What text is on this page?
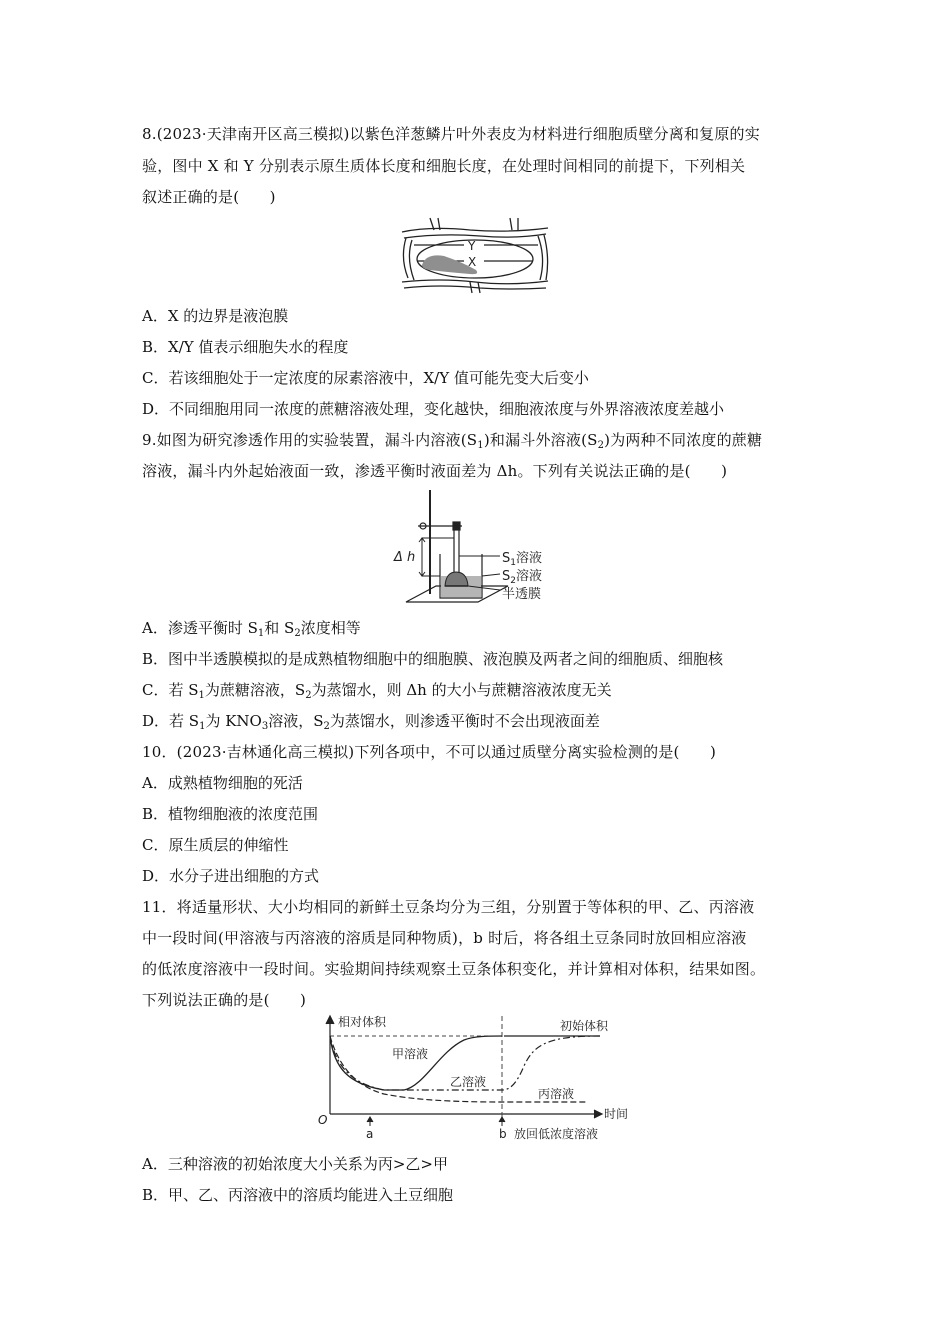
8.(2023·天津南开区高三模拟)以紫色洋葱鳞片叶外表皮为材料进行细胞质壁分离和复原的实
验，图中 X 和 Y 分别表示原生质体长度和细胞长度，在处理时间相同的前提下，下列相关
叙述正确的是(　　)
Y
X
A．X 的边界是液泡膜
B．X/Y 值表示细胞失水的程度
C．若该细胞处于一定浓度的尿素溶液中，X/Y 值可能先变大后变小
D．不同细胞用同一浓度的蔗糖溶液处理，变化越快，细胞液浓度与外界溶液浓度差越小
9.如图为研究渗透作用的实验装置，漏斗内溶液$(S_1)$和漏斗外溶液$(S_2)$为两种不同浓度的蔗糖
溶液，漏斗内外起始液面一致，渗透平衡时液面差为 Δh。下列有关说法正确的是(　　)
Δ h	$S_1$溶液
$S_2$溶液
半透膜
A．渗透平衡时 $S_1$和 $S_2$浓度相等
B．图中半透膜模拟的是成熟植物细胞中的细胞膜、液泡膜及两者之间的细胞质、细胞核
C．若 $S_1$为蔗糖溶液，$S_2$为蒸馏水，则 Δh 的大小与蔗糖溶液浓度无关
D．若 $S_1$为 $KNO_3$溶液，$S_2$为蒸馏水，则渗透平衡时不会出现液面差
10．(2023·吉林通化高三模拟)下列各项中，不可以通过质壁分离实验检测的是(　　)
A．成熟植物细胞的死活
B．植物细胞液的浓度范围
C．原生质层的伸缩性
D．水分子进出细胞的方式
11．将适量形状、大小均相同的新鲜土豆条均分为三组，分别置于等体积的甲、乙、丙溶液
中一段时间(甲溶液与丙溶液的溶质是同种物质)，b 时后，将各组土豆条同时放回相应溶液
的低浓度溶液中一段时间。实验期间持续观察土豆条体积变化，并计算相对体积，结果如图。
下列说法正确的是(　　)
相对体积
时间
O
a	b 放回低浓度溶液
初始体积
甲溶液
乙溶液
丙溶液
A．三种溶液的初始浓度大小关系为丙>乙>甲
B．甲、乙、丙溶液中的溶质均能进入土豆细胞
